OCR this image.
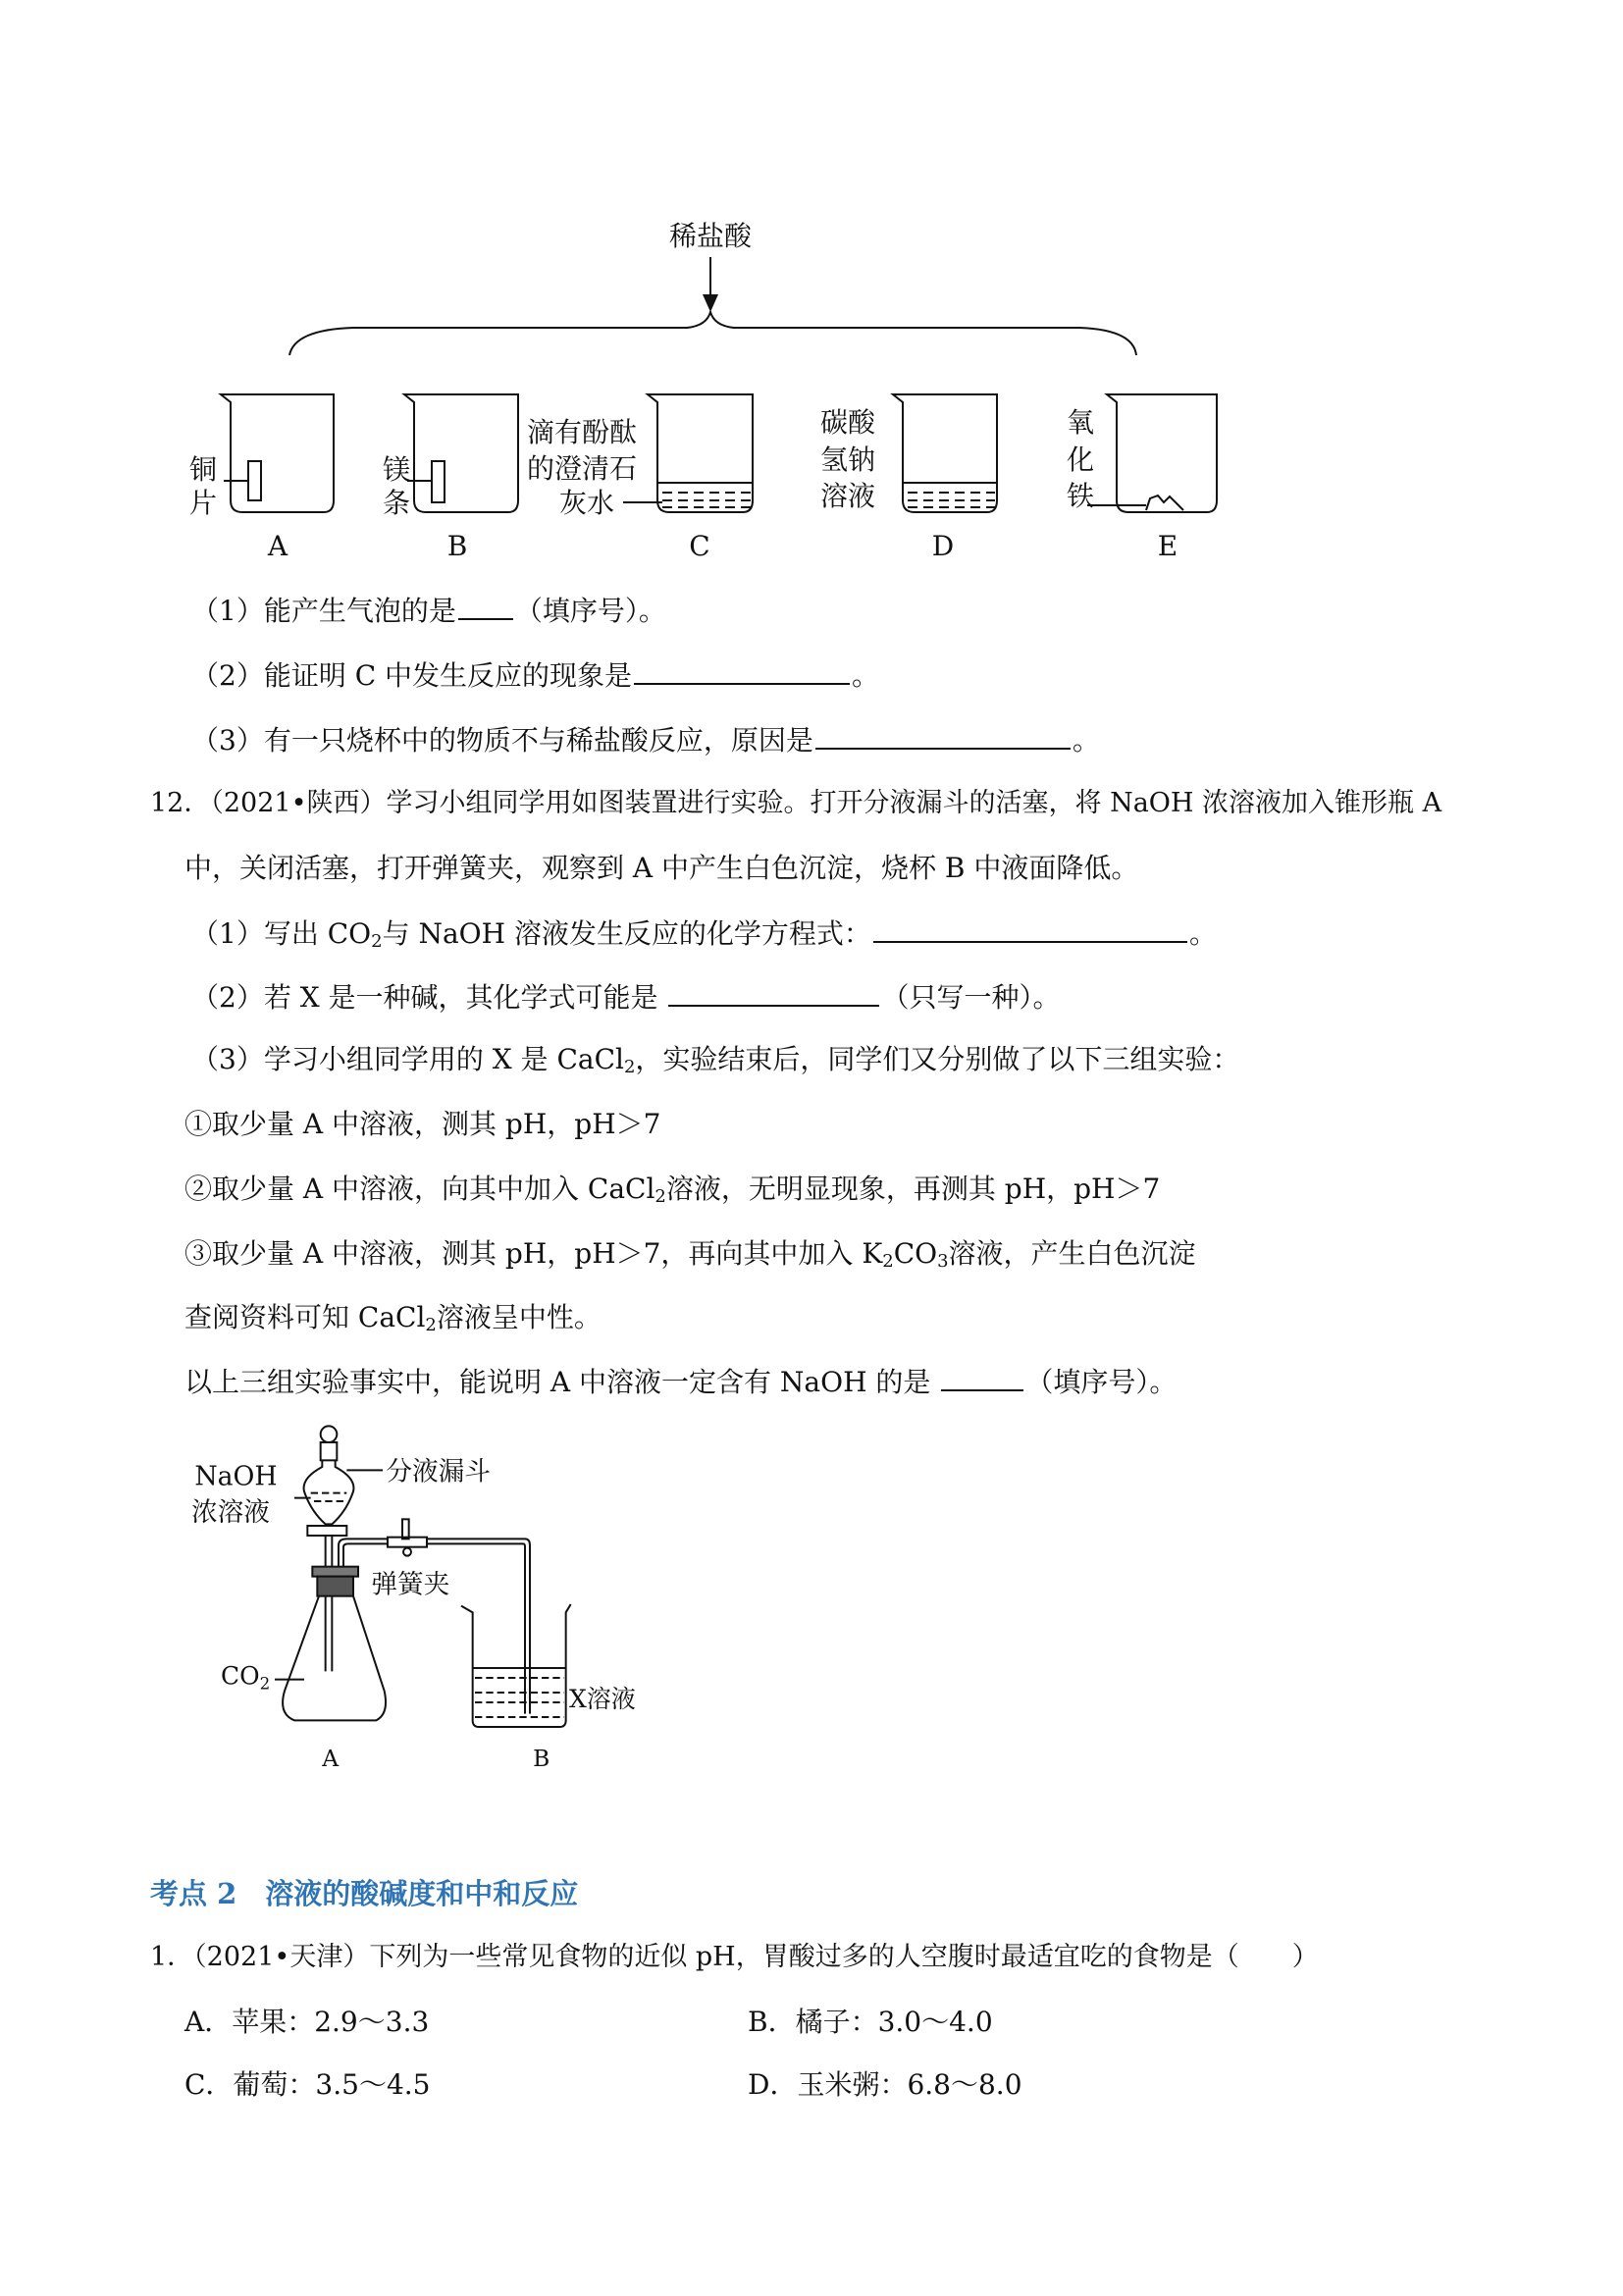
稀盐酸
铜
片
镁
条
滴有酚酞
的澄清石
灰水
碳酸
氢钠
溶液
氧
化
铁
A	B	C	D	E
（1）能产生气泡的是 （填序号）。
（2）能证明 C 中发生反应的现象是	。
（3）有一只烧杯中的物质不与稀盐酸反应，原因是	。
12．（2021•陕西）学习小组同学用如图装置进行实验。打开分液漏斗的活塞，将 NaOH 浓溶液加入锥形瓶 A
中，关闭活塞，打开弹簧夹，观察到 A 中产生白色沉淀，烧杯 B 中液面降低。
（1）写出 $CO_2$与 NaOH 溶液发生反应的化学方程式：	。
（2）若 X 是一种碱，其化学式可能是	（只写一种）。
（3）学习小组同学用的 X 是 CaCl$_2$，实验结束后，同学们又分别做了以下三组实验：
①取少量 A 中溶液，测其 pH，pH＞7
②取少量 A 中溶液，向其中加入 CaCl$_2$溶液，无明显现象，再测其 pH，pH＞7
③取少量 A 中溶液，测其 pH，pH＞7，再向其中加入 $K_2CO_3$溶液，产生白色沉淀
查阅资料可知 CaCl$_2$溶液呈中性。
以上三组实验事实中，能说明 A 中溶液一定含有 NaOH 的是	（填序号）。
NaOH
浓溶液
分液漏斗
弹簧夹
$CO_2$
X溶液
A	B
考点 2　溶液的酸碱度和中和反应
1．（2021•天津）下列为一些常见食物的近似 pH，胃酸过多的人空腹时最适宜吃的食物是（　　）
A．苹果：2.9～3.3	B．橘子：3.0～4.0
C．葡萄：3.5～4.5	D．玉米粥：6.8～8.0
